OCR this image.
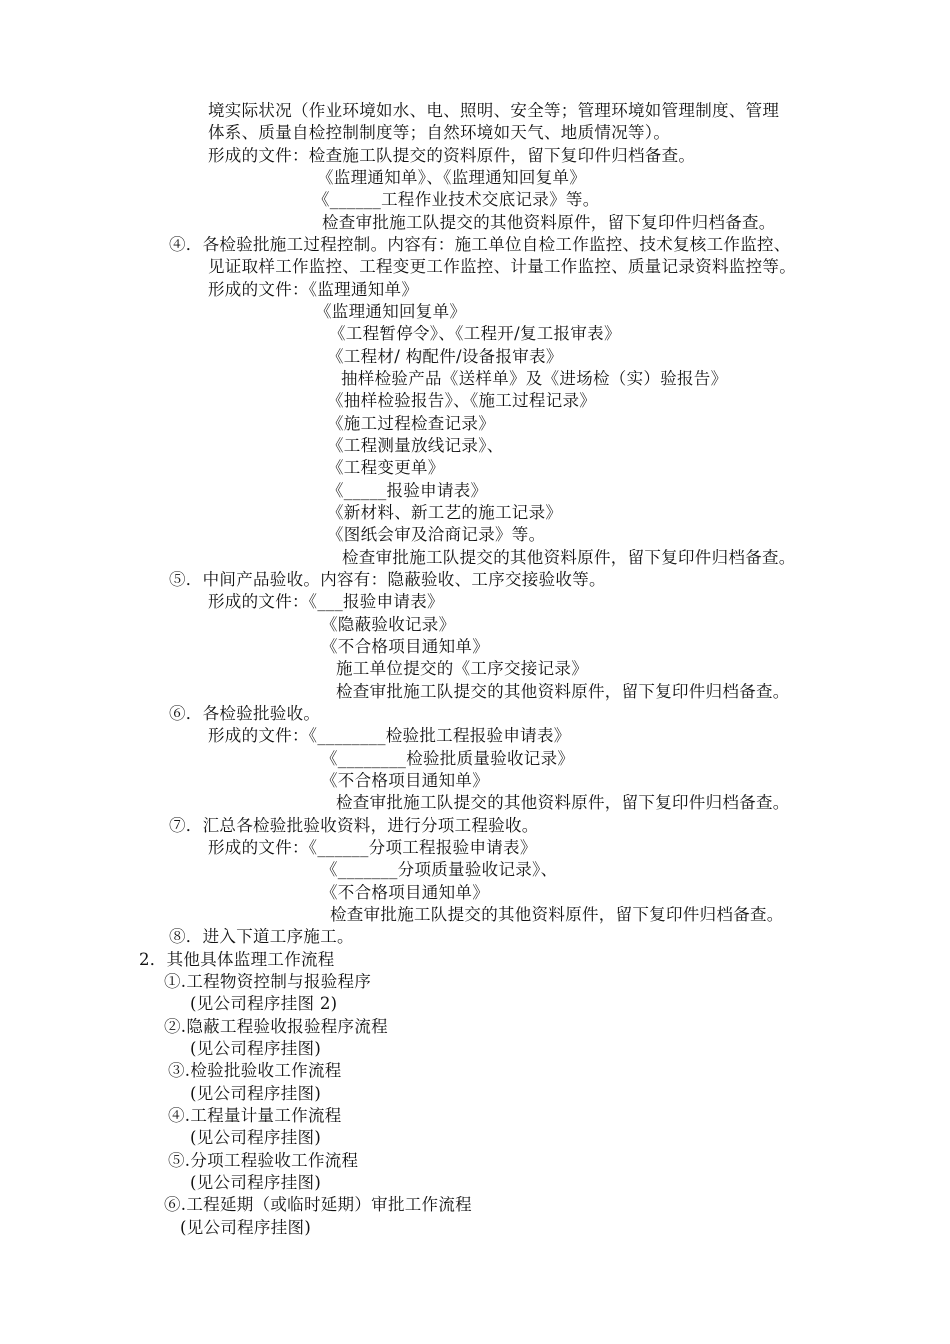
境实际状况（作业环境如水、电、照明、安全等；管理环境如管理制度、管理
体系、质量自检控制制度等；自然环境如天气、地质情况等）。
形成的文件：检查施工队提交的资料原件，留下复印件归档备查。
《监理通知单》、《监理通知回复单》
《______工程作业技术交底记录》等。
检查审批施工队提交的其他资料原件，留下复印件归档备查。
④．各检验批施工过程控制。内容有：施工单位自检工作监控、技术复核工作监控、
见证取样工作监控、工程变更工作监控、计量工作监控、质量记录资料监控等。
形成的文件：《监理通知单》
《监理通知回复单》
《工程暂停令》、《工程开/复工报审表》
《工程材/ 构配件/设备报审表》
抽样检验产品《送样单》及《进场检（实）验报告》
《抽样检验报告》、《施工过程记录》
《施工过程检查记录》
《工程测量放线记录》、
《工程变更单》
《_____报验申请表》
《新材料、新工艺的施工记录》
《图纸会审及洽商记录》等。
检查审批施工队提交的其他资料原件，留下复印件归档备查。
⑤．中间产品验收。内容有：隐蔽验收、工序交接验收等。
形成的文件：《___报验申请表》
《隐蔽验收记录》
《不合格项目通知单》
施工单位提交的《工序交接记录》
检查审批施工队提交的其他资料原件，留下复印件归档备查。
⑥．各检验批验收。
形成的文件：《________检验批工程报验申请表》
《________检验批质量验收记录》
《不合格项目通知单》
检查审批施工队提交的其他资料原件，留下复印件归档备查。
⑦．汇总各检验批验收资料，进行分项工程验收。
形成的文件：《______分项工程报验申请表》
《_______分项质量验收记录》、
《不合格项目通知单》
检查审批施工队提交的其他资料原件，留下复印件归档备查。
⑧．进入下道工序施工。
2．其他具体监理工作流程
①.工程物资控制与报验程序
(见公司程序挂图 2)
②.隐蔽工程验收报验程序流程
(见公司程序挂图)
③.检验批验收工作流程
(见公司程序挂图)
④.工程量计量工作流程
(见公司程序挂图)
⑤.分项工程验收工作流程
(见公司程序挂图)
⑥.工程延期（或临时延期）审批工作流程
(见公司程序挂图)
